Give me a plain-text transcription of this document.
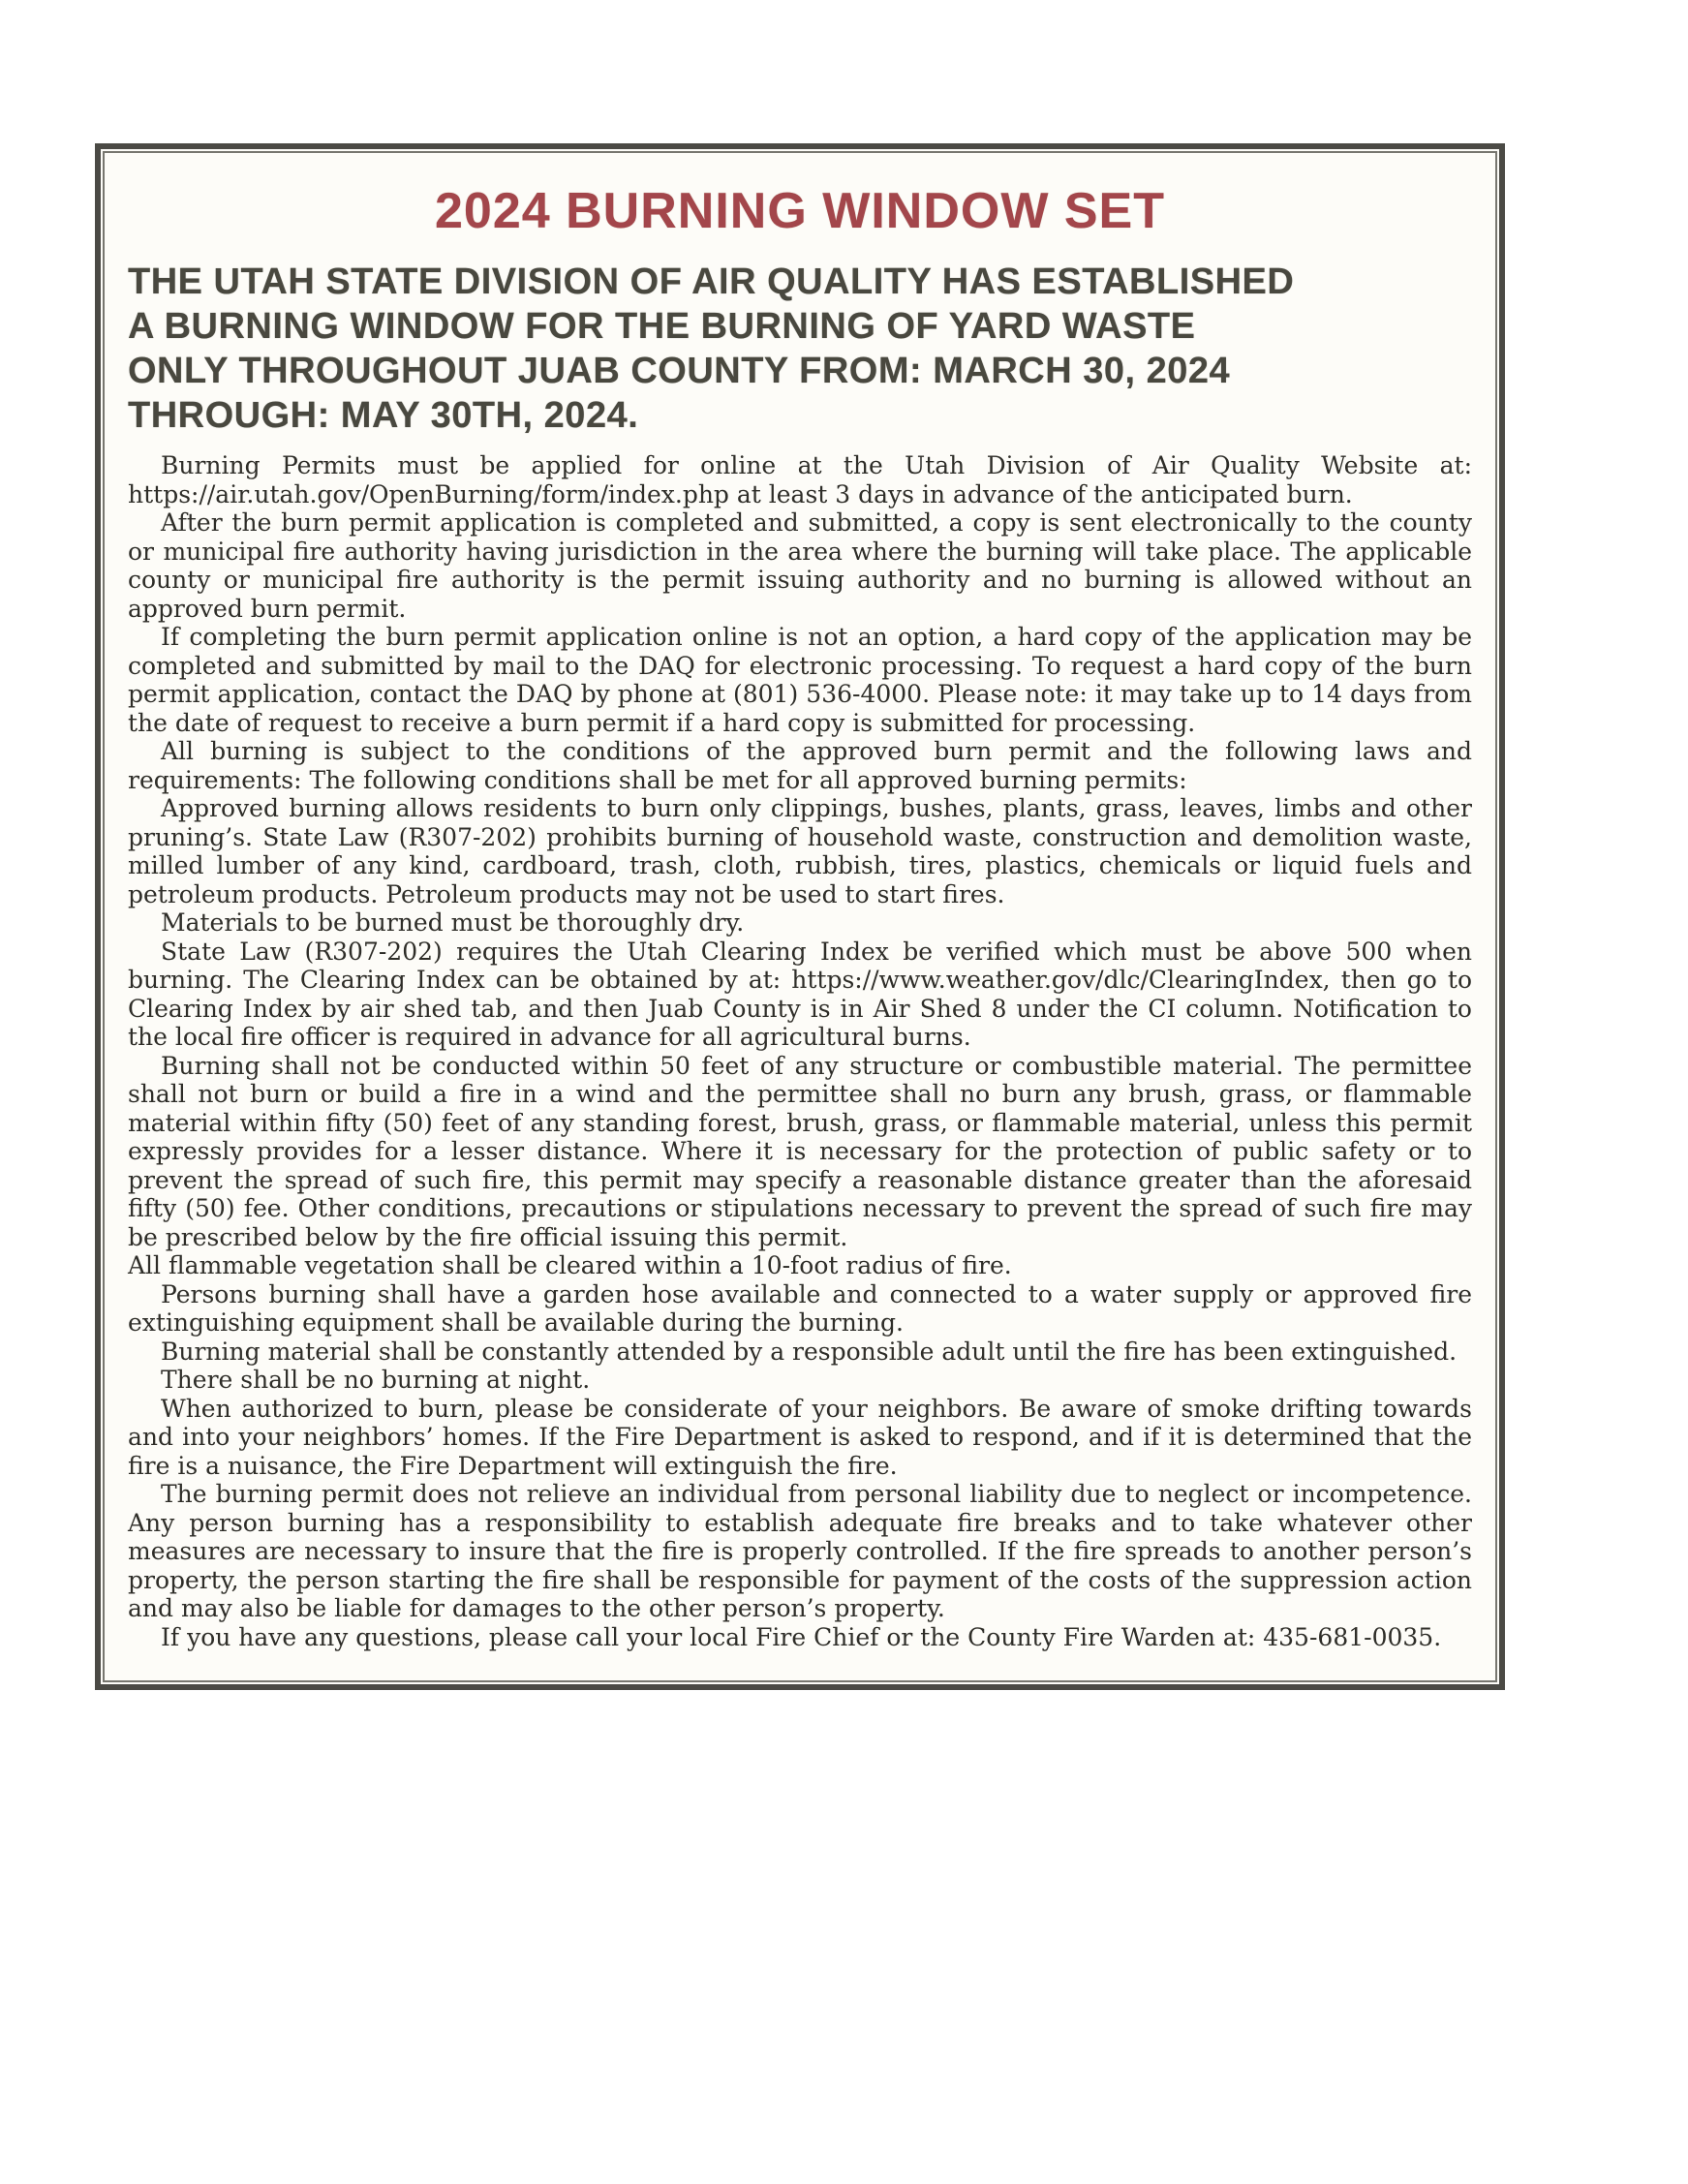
2024 BURNING WINDOW SET
THE UTAH STATE DIVISION OF AIR QUALITY HAS ESTABLISHED
A BURNING WINDOW FOR THE BURNING OF YARD WASTE
ONLY THROUGHOUT JUAB COUNTY FROM: MARCH 30, 2024
THROUGH: MAY 30TH, 2024.

Burning Permits must be applied for online at the Utah Division of Air Quality Website at: https://air.utah.gov/OpenBurning/form/index.php at least 3 days in advance of the anticipated burn.

After the burn permit application is completed and submitted, a copy is sent electronically to the county or municipal fire authority having jurisdiction in the area where the burning will take place. The applicable county or municipal fire authority is the permit issuing authority and no burning is allowed without an approved burn permit.

If completing the burn permit application online is not an option, a hard copy of the application may be completed and submitted by mail to the DAQ for electronic processing. To request a hard copy of the burn permit application, contact the DAQ by phone at (801) 536-4000. Please note: it may take up to 14 days from the date of request to receive a burn permit if a hard copy is submitted for processing.

All burning is subject to the conditions of the approved burn permit and the following laws and requirements: The following conditions shall be met for all approved burning permits:

Approved burning allows residents to burn only clippings, bushes, plants, grass, leaves, limbs and other pruning’s. State Law (R307-202) prohibits burning of household waste, construction and demolition waste, milled lumber of any kind, cardboard, trash, cloth, rubbish, tires, plastics, chemicals or liquid fuels and petroleum products. Petroleum products may not be used to start fires.

Materials to be burned must be thoroughly dry.

State Law (R307-202) requires the Utah Clearing Index be verified which must be above 500 when burning. The Clearing Index can be obtained by at: https://www.weather.gov/dlc/ClearingIndex, then go to Clearing Index by air shed tab, and then Juab County is in Air Shed 8 under the CI column. Notification to the local fire officer is required in advance for all agricultural burns.

Burning shall not be conducted within 50 feet of any structure or combustible material. The permittee shall not burn or build a fire in a wind and the permittee shall no burn any brush, grass, or flammable material within fifty (50) feet of any standing forest, brush, grass, or flammable material, unless this permit expressly provides for a lesser distance. Where it is necessary for the protection of public safety or to prevent the spread of such fire, this permit may specify a reasonable distance greater than the aforesaid fifty (50) fee. Other conditions, precautions or stipulations necessary to prevent the spread of such fire may be prescribed below by the fire official issuing this permit.

All flammable vegetation shall be cleared within a 10-foot radius of fire.

Persons burning shall have a garden hose available and connected to a water supply or approved fire extinguishing equipment shall be available during the burning.

Burning material shall be constantly attended by a responsible adult until the fire has been extinguished.

There shall be no burning at night.

When authorized to burn, please be considerate of your neighbors. Be aware of smoke drifting towards and into your neighbors’ homes. If the Fire Department is asked to respond, and if it is determined that the fire is a nuisance, the Fire Department will extinguish the fire.

The burning permit does not relieve an individual from personal liability due to neglect or incompetence. Any person burning has a responsibility to establish adequate fire breaks and to take whatever other measures are necessary to insure that the fire is properly controlled. If the fire spreads to another person’s property, the person starting the fire shall be responsible for payment of the costs of the suppression action and may also be liable for damages to the other person’s property.

If you have any questions, please call your local Fire Chief or the County Fire Warden at: 435-681-0035.
